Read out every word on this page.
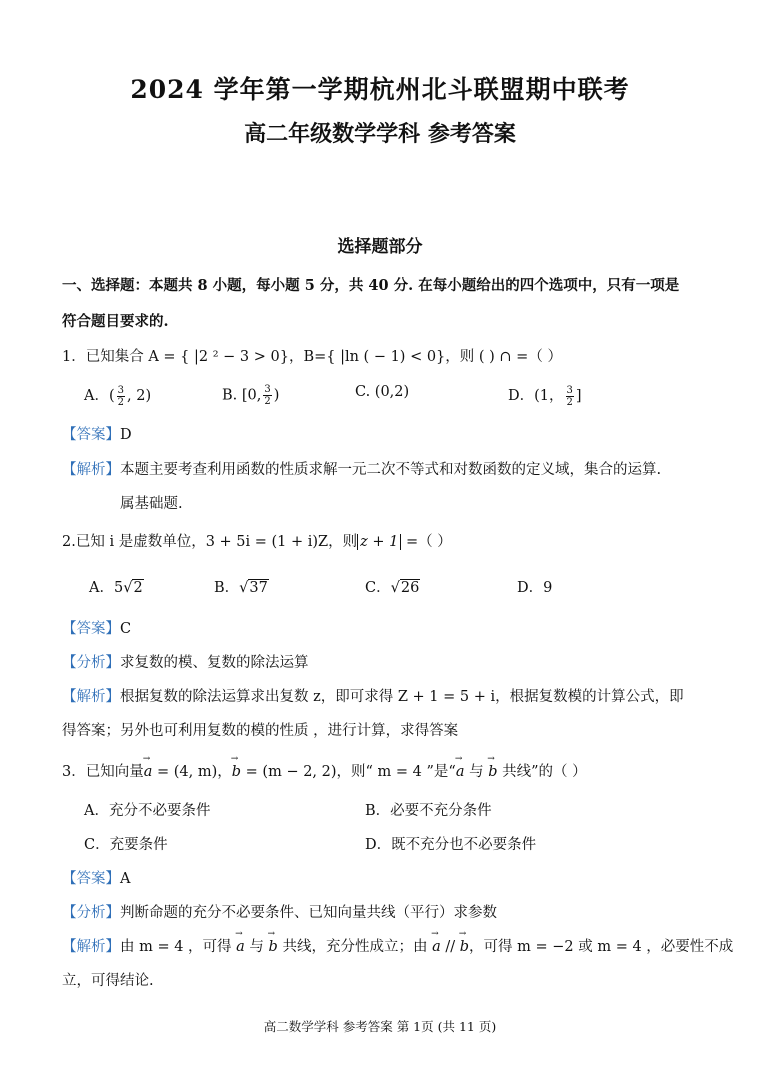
2024 学年第一学期杭州北斗联盟期中联考
高二年级数学学科 参考答案
选择题部分
一、选择题：本题共 8 小题，每小题 5 分，共 40 分. 在每小题给出的四个选项中，只有一项是
符合题目要求的.
1．已知集合 A = { |2 ² − 3 > 0}，B={ |ln ( − 1) < 0}，则 ( ) ∩ =（ ）
A．( $\frac{3}{2}$ , 2)	B. [0, $\frac{3}{2}$ )	C. (0,2)	D．(1， $\frac{3}{2}$ ]
【答案】D
【解析】本题主要考查利用函数的性质求解一元二次不等式和对数函数的定义域，集合的运算.
属基础题.
2.已知 i 是虚数单位，3 + 5i = (1 + i)Z，则 z + 1 =（ ）
A．5√2	B．√37	C．√26	D．9
【答案】C
【分析】求复数的模、复数的除法运算
【解析】根据复数的除法运算求出复数 z，即可求得 Z + 1 = 5 + i，根据复数模的计算公式，即
得答案；另外也可利用复数的模的性质 ，进行计算，求得答案
3．已知向量→ a = (4, m)，→ b = (m − 2, 2)，则“ m = 4 ”是“→ a 与 → b 共线”的（ ）
A．充分不必要条件	B．必要不充分条件
C．充要条件	D．既不充分也不必要条件
【答案】A
【分析】判断命题的充分不必要条件、已知向量共线（平行）求参数
【解析】由 m = 4 ，可得 → a 与 → b 共线，充分性成立；由 → a // → b，可得 m = −2 或 m = 4 ，必要性不成
立，可得结论.
高二数学学科 参考答案 第 1页 (共 11 页)
